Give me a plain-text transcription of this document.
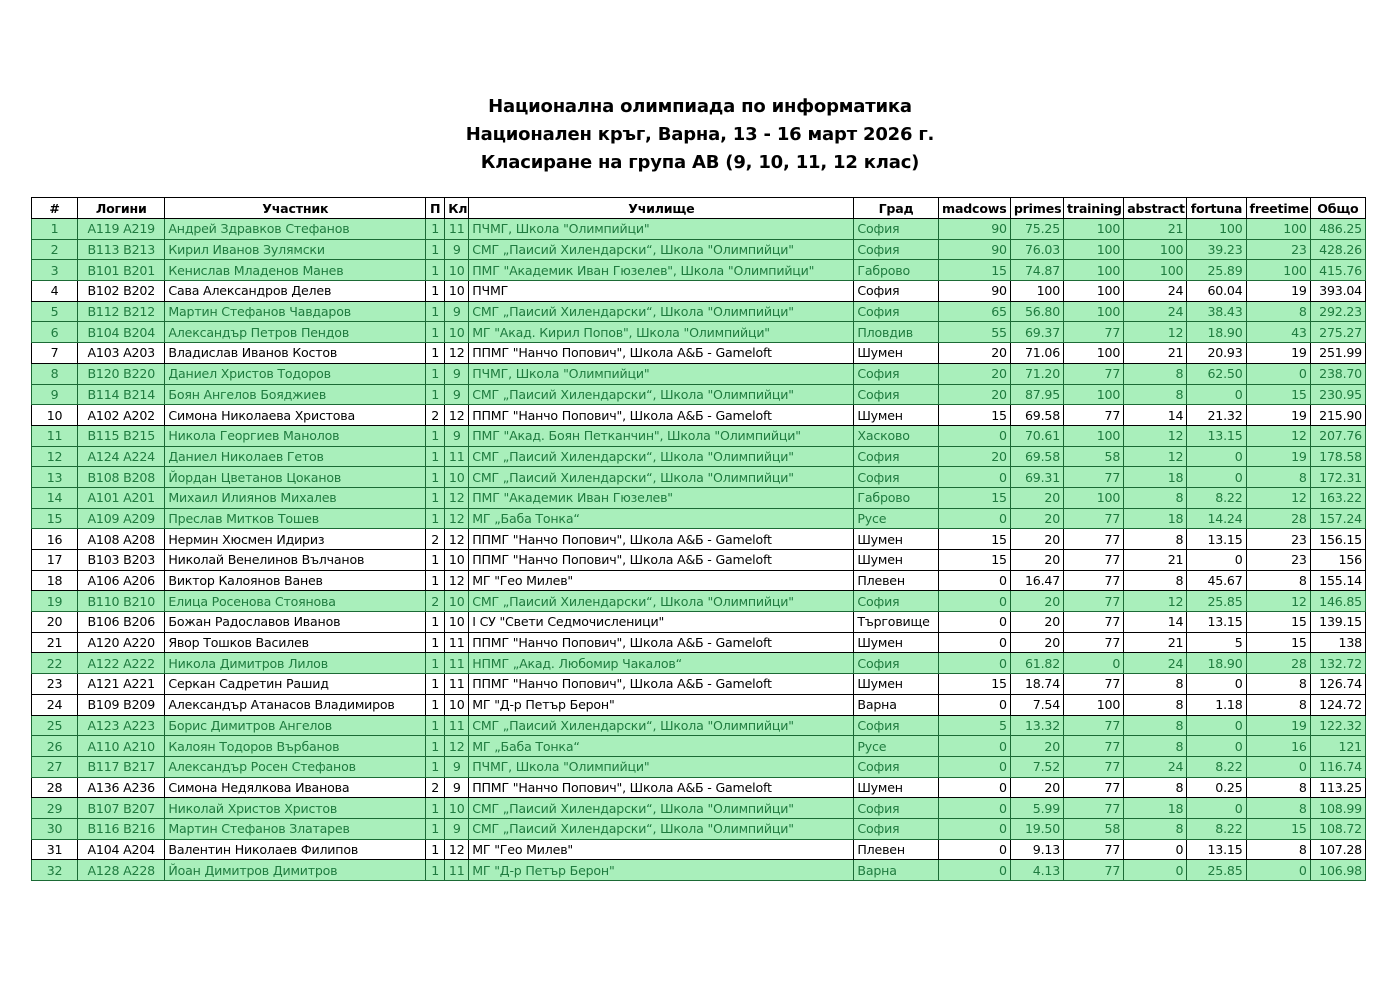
Национална олимпиада по информатика
Национален кръг, Варна, 13 - 16 март 2026 г.
Класиране на група AB (9, 10, 11, 12 клас)
#	Логини	Участник	П	Кл	Училище	Град	madcows	primes	training	abstract	fortuna	freetime	Общо
1	A119 A219	Андрей Здравков Стефанов	1	11	ПЧМГ, Школа "Олимпийци"	София	90	75.25	100	21	100	100	486.25
2	B113 B213	Кирил Иванов Зулямски	1	9	СМГ „Паисий Хилендарски“, Школа "Олимпийци"	София	90	76.03	100	100	39.23	23	428.26
3	B101 B201	Кенислав Младенов Манев	1	10	ПМГ "Академик Иван Гюзелев", Школа "Олимпийци"	Габрово	15	74.87	100	100	25.89	100	415.76
4	B102 B202	Сава Александров Делев	1	10	ПЧМГ	София	90	100	100	24	60.04	19	393.04
5	B112 B212	Мартин Стефанов Чавдаров	1	9	СМГ „Паисий Хилендарски“, Школа "Олимпийци"	София	65	56.80	100	24	38.43	8	292.23
6	B104 B204	Александър Петров Пендов	1	10	МГ "Акад. Кирил Попов", Школа "Олимпийци"	Пловдив	55	69.37	77	12	18.90	43	275.27
7	A103 A203	Владислав Иванов Костов	1	12	ППМГ "Нанчо Попович", Школа A&Б - Gameloft	Шумен	20	71.06	100	21	20.93	19	251.99
8	B120 B220	Даниел Христов Тодоров	1	9	ПЧМГ, Школа "Олимпийци"	София	20	71.20	77	8	62.50	0	238.70
9	B114 B214	Боян Ангелов Бояджиев	1	9	СМГ „Паисий Хилендарски“, Школа "Олимпийци"	София	20	87.95	100	8	0	15	230.95
10	A102 A202	Симона Николаева Христова	2	12	ППМГ "Нанчо Попович", Школа A&Б - Gameloft	Шумен	15	69.58	77	14	21.32	19	215.90
11	B115 B215	Никола Георгиев Манолов	1	9	ПМГ "Акад. Боян Петканчин", Школа "Олимпийци"	Хасково	0	70.61	100	12	13.15	12	207.76
12	A124 A224	Даниел Николаев Гетов	1	11	СМГ „Паисий Хилендарски“, Школа "Олимпийци"	София	20	69.58	58	12	0	19	178.58
13	B108 B208	Йордан Цветанов Цоканов	1	10	СМГ „Паисий Хилендарски“, Школа "Олимпийци"	София	0	69.31	77	18	0	8	172.31
14	A101 A201	Михаил Илиянов Михалев	1	12	ПМГ "Академик Иван Гюзелев"	Габрово	15	20	100	8	8.22	12	163.22
15	A109 A209	Преслав Митков Тошев	1	12	МГ „Баба Тонка“	Русе	0	20	77	18	14.24	28	157.24
16	A108 A208	Нермин Хюсмен Идириз	2	12	ППМГ "Нанчо Попович", Школа A&Б - Gameloft	Шумен	15	20	77	8	13.15	23	156.15
17	B103 B203	Николай Венелинов Вълчанов	1	10	ППМГ "Нанчо Попович", Школа A&Б - Gameloft	Шумен	15	20	77	21	0	23	156
18	A106 A206	Виктор Калоянов Ванев	1	12	МГ "Гео Милев"	Плевен	0	16.47	77	8	45.67	8	155.14
19	B110 B210	Елица Росенова Стоянова	2	10	СМГ „Паисий Хилендарски“, Школа "Олимпийци"	София	0	20	77	12	25.85	12	146.85
20	B106 B206	Божан Радославов Иванов	1	10	I СУ "Свети Седмочисленици"	Търговище	0	20	77	14	13.15	15	139.15
21	A120 A220	Явор Тошков Василев	1	11	ППМГ "Нанчо Попович", Школа A&Б - Gameloft	Шумен	0	20	77	21	5	15	138
22	A122 A222	Никола Димитров Лилов	1	11	НПМГ „Акад. Любомир Чакалов“	София	0	61.82	0	24	18.90	28	132.72
23	A121 A221	Серкан Садретин Рашид	1	11	ППМГ "Нанчо Попович", Школа A&Б - Gameloft	Шумен	15	18.74	77	8	0	8	126.74
24	B109 B209	Александър Атанасов Владимиров	1	10	МГ "Д-р Петър Берон"	Варна	0	7.54	100	8	1.18	8	124.72
25	A123 A223	Борис Димитров Ангелов	1	11	СМГ „Паисий Хилендарски“, Школа "Олимпийци"	София	5	13.32	77	8	0	19	122.32
26	A110 A210	Калоян Тодоров Върбанов	1	12	МГ „Баба Тонка“	Русе	0	20	77	8	0	16	121
27	B117 B217	Александър Росен Стефанов	1	9	ПЧМГ, Школа "Олимпийци"	София	0	7.52	77	24	8.22	0	116.74
28	A136 A236	Симона Недялкова Иванова	2	9	ППМГ "Нанчо Попович", Школа A&Б - Gameloft	Шумен	0	20	77	8	0.25	8	113.25
29	B107 B207	Николай Христов Христов	1	10	СМГ „Паисий Хилендарски“, Школа "Олимпийци"	София	0	5.99	77	18	0	8	108.99
30	B116 B216	Мартин Стефанов Златарев	1	9	СМГ „Паисий Хилендарски“, Школа "Олимпийци"	София	0	19.50	58	8	8.22	15	108.72
31	A104 A204	Валентин Николаев Филипов	1	12	МГ "Гео Милев"	Плевен	0	9.13	77	0	13.15	8	107.28
32	A128 A228	Йоан Димитров Димитров	1	11	МГ "Д-р Петър Берон"	Варна	0	4.13	77	0	25.85	0	106.98
